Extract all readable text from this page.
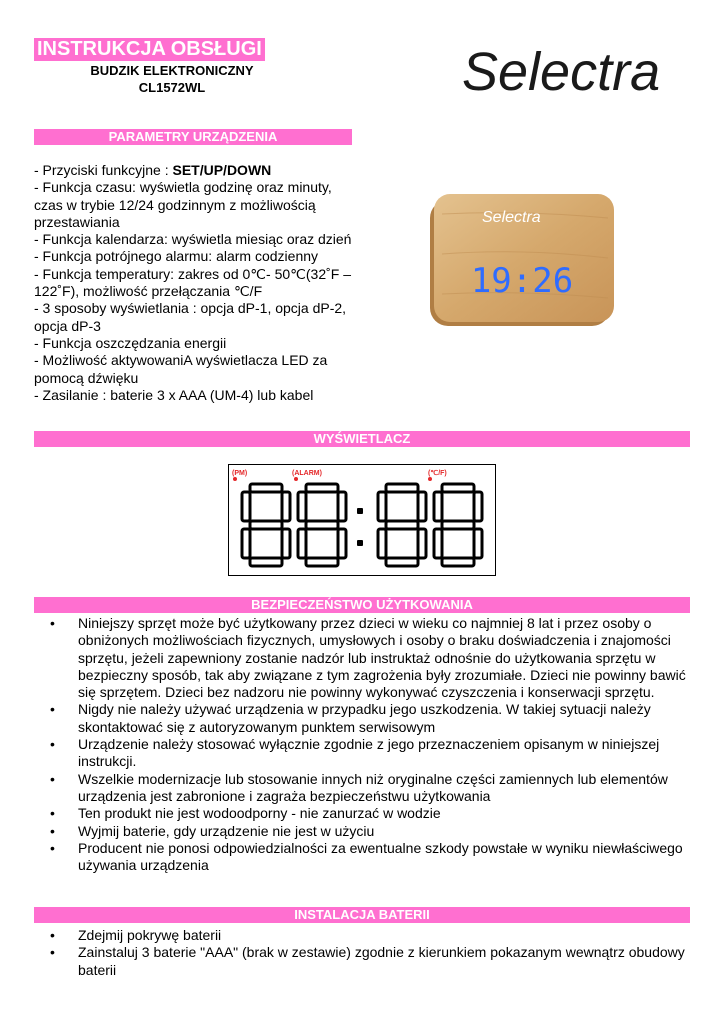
INSTRUKCJA OBSŁUGI
BUDZIK ELEKTRONICZNY
CL1572WL	Selectra
PARAMETRY URZĄDZENIA
- Przyciski funkcyjne : SET/UP/DOWN
- Funkcja czasu: wyświetla godzinę oraz minuty, czas w trybie 12/24 godzinnym z możliwością przestawiania
- Funkcja kalendarza: wyświetla miesiąc oraz dzień
- Funkcja potrójnego alarmu: alarm codzienny
- Funkcja temperatury: zakres od 0℃- 50℃(32˚F – 122˚F), możliwość przełączania ℃/F
- 3 sposoby wyświetlania : opcja dP-1, opcja dP-2, opcja dP-3
- Funkcja oszczędzania energii
- Możliwość aktywowaniA wyświetlacza LED za pomocą dźwięku
- Zasilanie : baterie 3 x AAA (UM-4) lub kabel
Selectra
19:26
WYŚWIETLACZ
(PM)	(ALARM)	(℃/F)
BEZPIECZEŃSTWO UŻYTKOWANIA
• Niniejszy sprzęt może być użytkowany przez dzieci w wieku co najmniej 8 lat i przez osoby o obniżonych możliwościach fizycznych, umysłowych i osoby o braku doświadczenia i znajomości sprzętu, jeżeli zapewniony zostanie nadzór lub instruktaż odnośnie do użytkowania sprzętu w bezpieczny sposób, tak aby związane z tym zagrożenia były zrozumiałe. Dzieci nie powinny bawić się sprzętem. Dzieci bez nadzoru nie powinny wykonywać czyszczenia i konserwacji sprzętu.
• Nigdy nie należy używać urządzenia w przypadku jego uszkodzenia. W takiej sytuacji należy skontaktować się z autoryzowanym punktem serwisowym
• Urządzenie należy stosować wyłącznie zgodnie z jego przeznaczeniem opisanym w niniejszej instrukcji.
• Wszelkie modernizacje lub stosowanie innych niż oryginalne części zamiennych lub elementów urządzenia jest zabronione i zagraża bezpieczeństwu użytkowania
• Ten produkt nie jest wodoodporny - nie zanurzać w wodzie
• Wyjmij baterie, gdy urządzenie nie jest w użyciu
• Producent nie ponosi odpowiedzialności za ewentualne szkody powstałe w wyniku niewłaściwego używania urządzenia
INSTALACJA BATERII
• Zdejmij pokrywę baterii
• Zainstaluj 3 baterie "AAA" (brak w zestawie) zgodnie z kierunkiem pokazanym wewnątrz obudowy baterii
